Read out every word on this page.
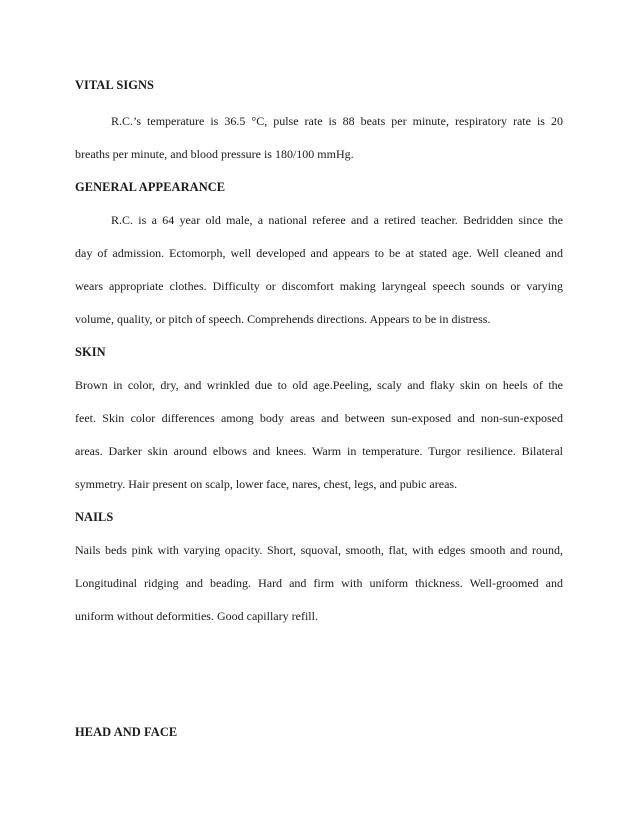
VITAL SIGNS
R.C.’s temperature is 36.5 °C, pulse rate is 88 beats per minute, respiratory rate is 20
breaths per minute, and blood pressure is 180/100 mmHg.
GENERAL APPEARANCE
R.C. is a 64 year old male, a national referee and a retired teacher. Bedridden since the
day of admission. Ectomorph, well developed and appears to be at stated age. Well cleaned and
wears appropriate clothes. Difficulty or discomfort making laryngeal speech sounds or varying
volume, quality, or pitch of speech. Comprehends directions. Appears to be in distress.
SKIN
Brown in color, dry, and wrinkled due to old age.Peeling, scaly and flaky skin on heels of the
feet. Skin color differences among body areas and between sun-exposed and non-sun-exposed
areas. Darker skin around elbows and knees. Warm in temperature. Turgor resilience. Bilateral
symmetry. Hair present on scalp, lower face, nares, chest, legs, and pubic areas.
NAILS
Nails beds pink with varying opacity. Short, squoval, smooth, flat, with edges smooth and round,
Longitudinal ridging and beading. Hard and firm with uniform thickness. Well-groomed and
uniform without deformities. Good capillary refill.
HEAD AND FACE
